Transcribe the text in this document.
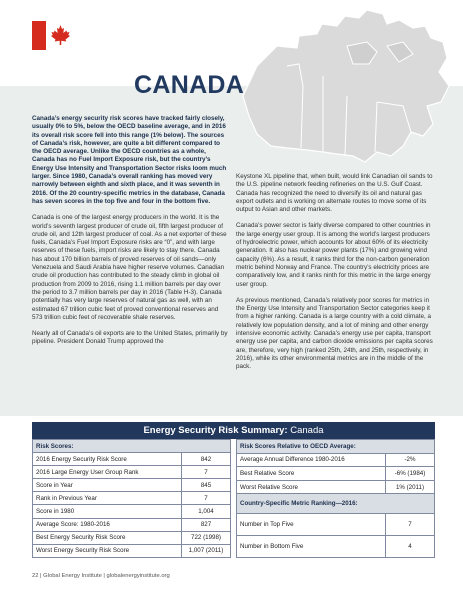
CANADA

Canada’s energy security risk scores have tracked fairly closely, usually 0% to 5%, below the OECD baseline average, and in 2016 its overall risk score fell into this range (1% below). The sources of Canada’s risk, however, are quite a bit different compared to the OECD average. Unlike the OECD countries as a whole, Canada has no Fuel Import Exposure risk, but the country’s Energy Use Intensity and Transportation Sector risks loom much larger. Since 1980, Canada’s overall ranking has moved very narrowly between eighth and sixth place, and it was seventh in 2016. Of the 20 country-specific metrics in the database, Canada has seven scores in the top five and four in the bottom five.

Canada is one of the largest energy producers in the world. It is the world’s seventh largest producer of crude oil, fifth largest producer of crude oil, and 12th largest producer of coal. As a net exporter of these fuels, Canada’s Fuel Import Exposure risks are “0”, and with large reserves of these fuels, import risks are likely to stay there. Canada has about 170 billion barrels of proved reserves of oil sands—only Venezuela and Saudi Arabia have higher reserve volumes. Canadian crude oil production has contributed to the steady climb in global oil production from 2009 to 2016, rising 1.1 million barrels per day over the period to 3.7 million barrels per day in 2016 (Table H-3). Canada potentially has very large reserves of natural gas as well, with an estimated 67 trillion cubic feet of proved conventional reserves and 573 trillion cubic feet of recoverable shale reserves.

Nearly all of Canada’s oil exports are to the United States, primarily by pipeline. President Donald Trump approved the

Keystone XL pipeline that, when built, would link Canadian oil sands to the U.S. pipeline network feeding refineries on the U.S. Gulf Coast. Canada has recognized the need to diversify its oil and natural gas export outlets and is working on alternate routes to move some of its output to Asian and other markets.

Canada’s power sector is fairly diverse compared to other countries in the large energy user group. It is among the world’s largest producers of hydroelectric power, which accounts for about 60% of its electricity generation. It also has nuclear power plants (17%) and growing wind capacity (6%). As a result, it ranks third for the non-carbon generation metric behind Norway and France. The country’s electricity prices are comparatively low, and it ranks ninth for this metric in the large energy user group.

As previous mentioned, Canada’s relatively poor scores for metrics in the Energy Use Intensity and Transportation Sector categories keep it from a higher ranking. Canada is a large country with a cold climate, a relatively low population density, and a lot of mining and other energy intensive economic activity. Canada’s energy use per capita, transport energy use per capita, and carbon dioxide emissions per capita scores are, therefore, very high (ranked 25th, 24th, and 25th, respectively, in 2016), while its other environmental metrics are in the middle of the pack.

Energy Security Risk Summary: Canada
Risk Scores:	
2016 Energy Security Risk Score	842
2016 Large Energy User Group Rank	7
Score in Year	845
Rank in Previous Year	7
Score in 1980	1,004
Average Score: 1980-2016	827
Best Energy Security Risk Score	722 (1998)
Worst Energy Security Risk Score	1,007 (2011)
Risk Scores Relative to OECD Average:	
Average Annual Difference 1980-2016	-2%
Best Relative Score	-6% (1984)
Worst Relative Score	1% (2011)
Country-Specific Metric Ranking—2016:	
Number in Top Five	7
Number in Bottom Five	4
22 | Global Energy Institute | globalenergyinstitute.org
